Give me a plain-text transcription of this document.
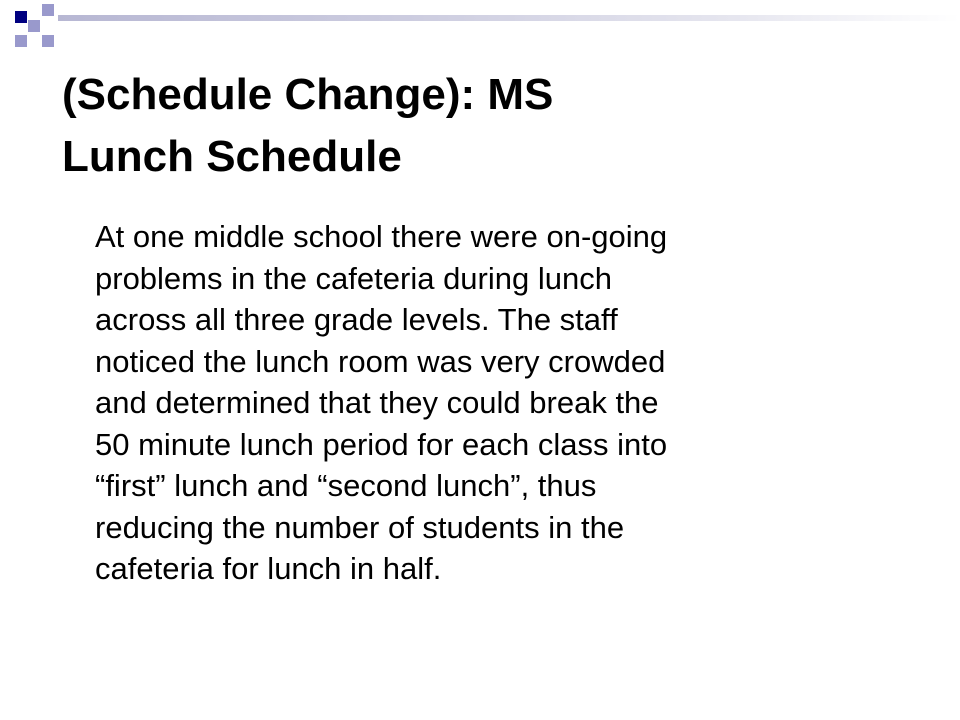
(Schedule Change): MS
Lunch Schedule

At one middle school there were on-going
problems in the cafeteria during lunch
across all three grade levels. The staff
noticed the lunch room was very crowded
and determined that they could break the
50 minute lunch period for each class into
“first” lunch and “second lunch”, thus
reducing the number of students in the
cafeteria for lunch in half.
